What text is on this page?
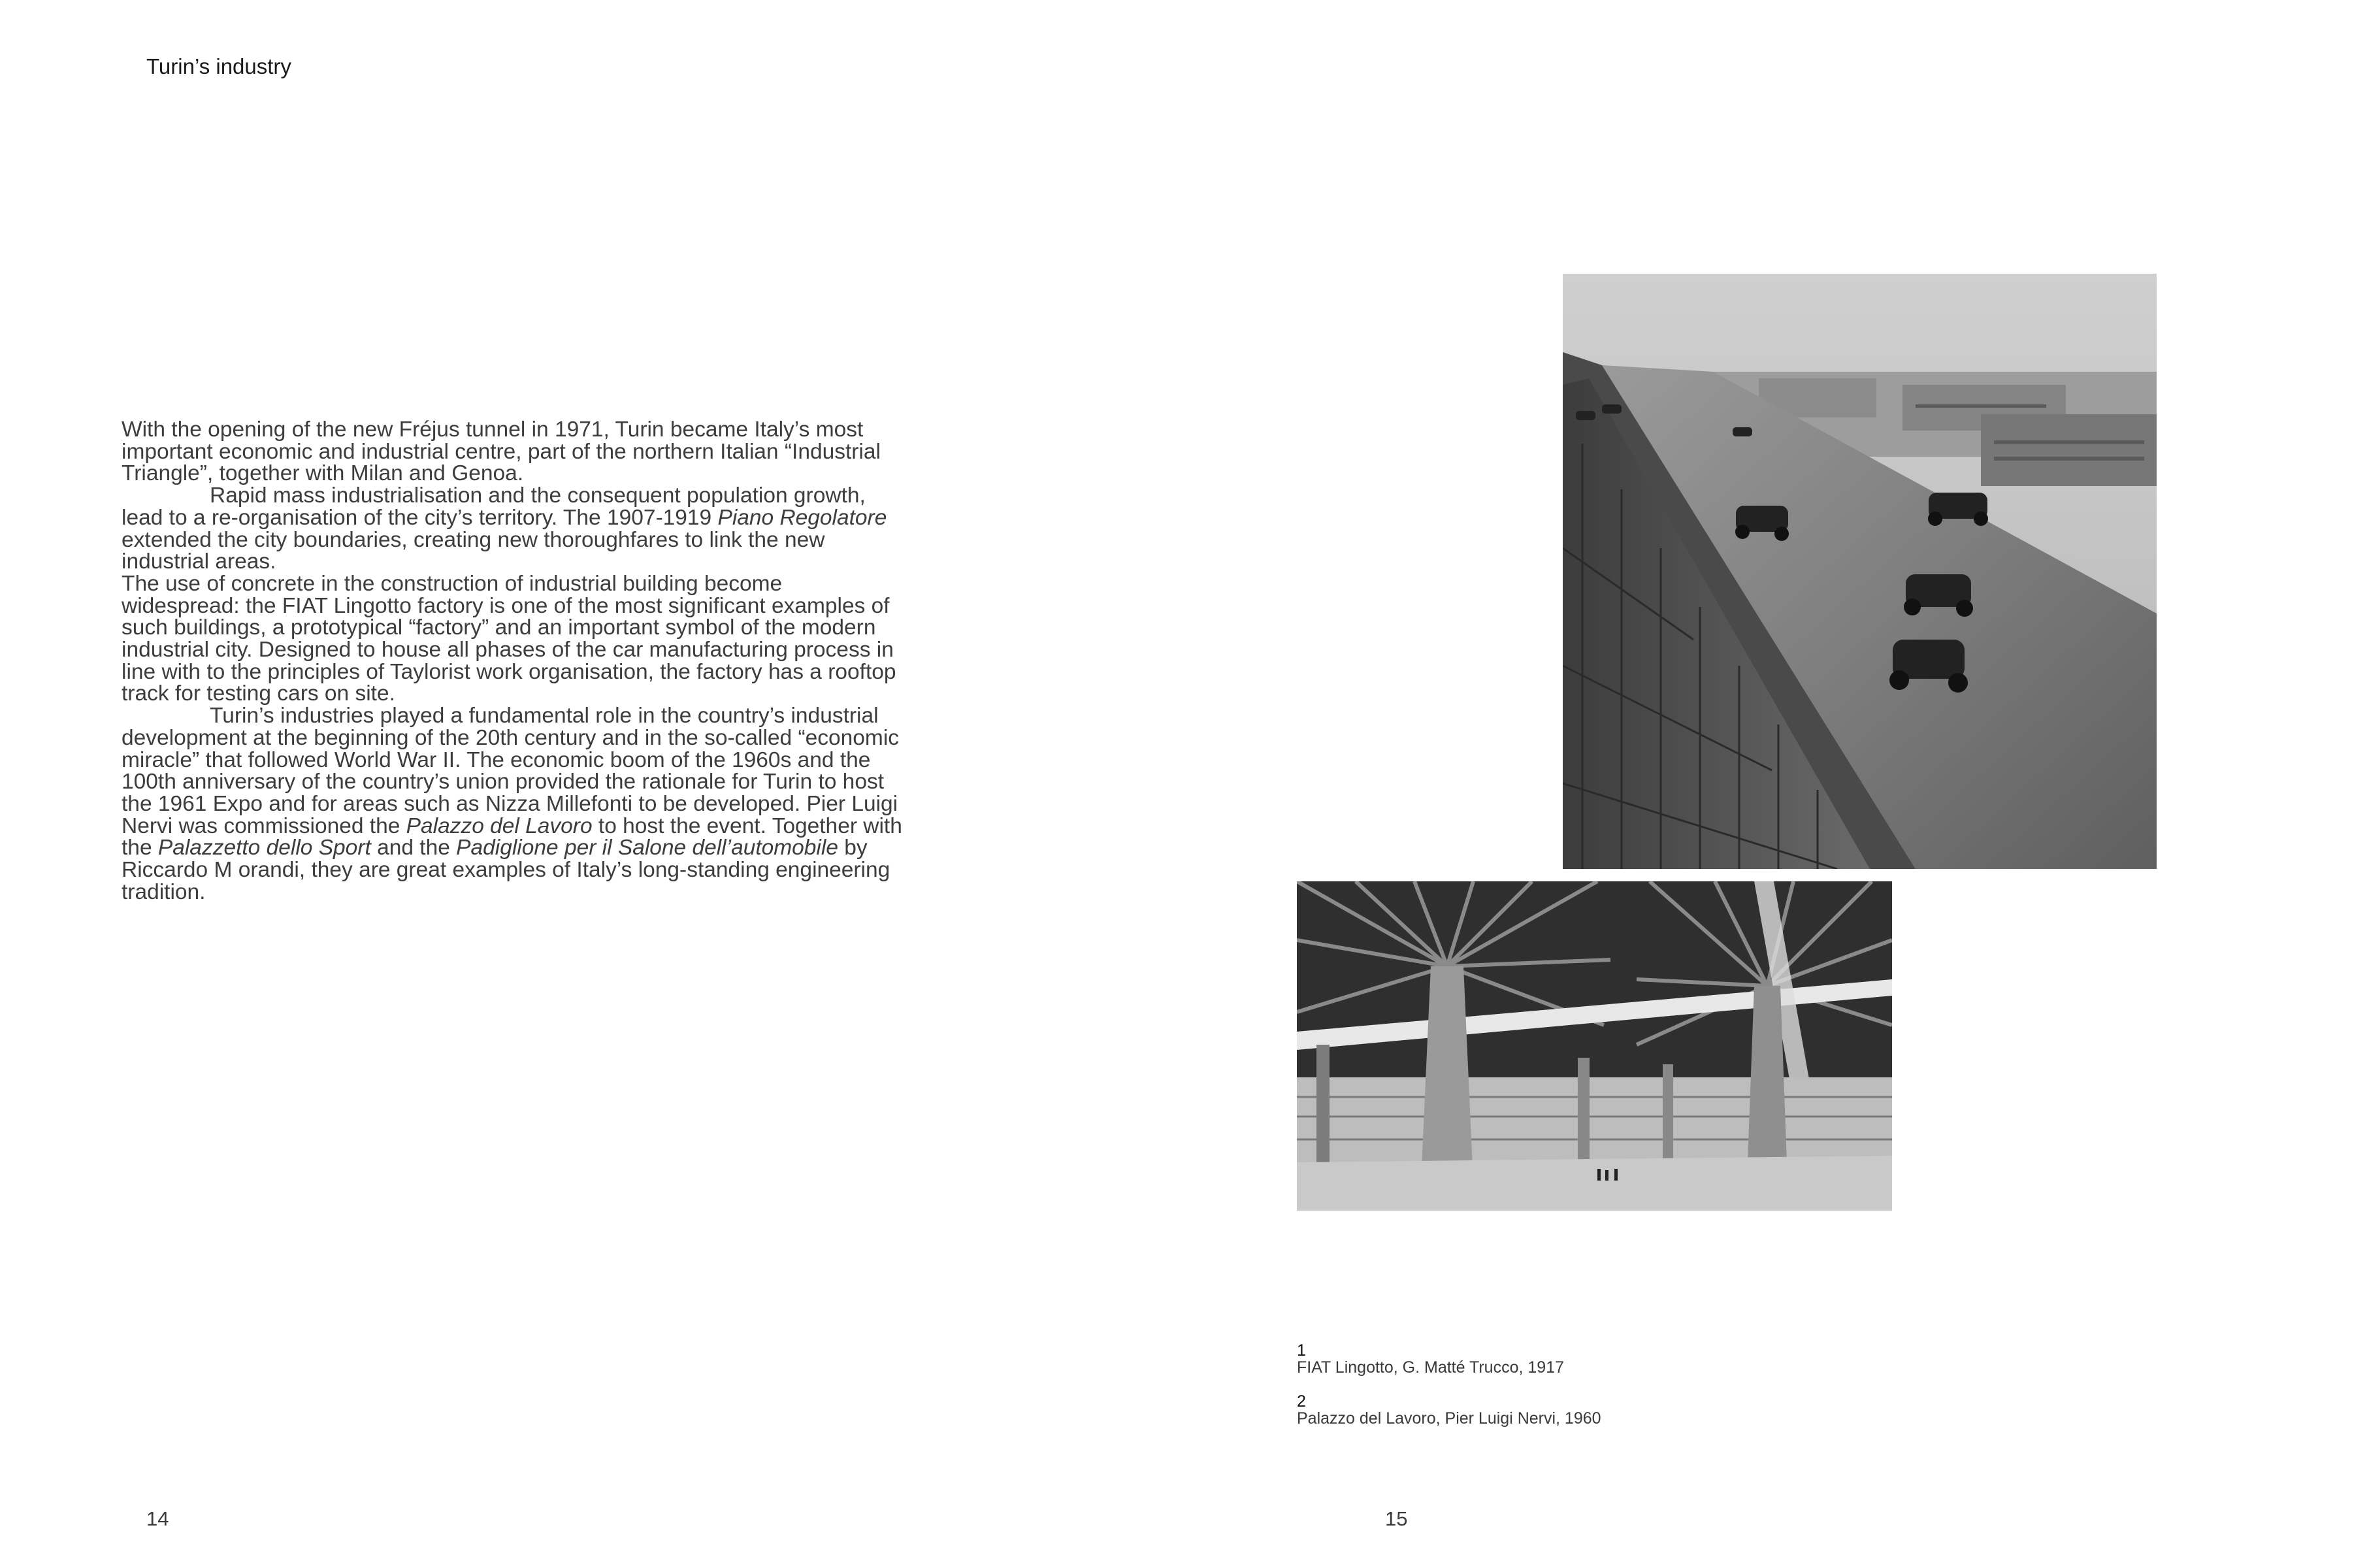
Turin’s industry

With the opening of the new Fréjus tunnel in 1971, Turin became Italy’s most important economic and industrial centre, part of the northern Italian “Industrial Triangle”, together with Milan and Genoa.

Rapid mass industrialisation and the consequent population growth, lead to a re-organisation of the city’s territory. The 1907-1919 Piano Regolatore extended the city boundaries, creating new thoroughfares to link the new industrial areas.

The use of concrete in the construction of industrial building become widespread: the FIAT Lingotto factory is one of the most significant examples of such buildings, a prototypical “factory” and an important symbol of the modern industrial city. Designed to house all phases of the car manufacturing process in line with to the principles of Taylorist work organisation, the factory has a rooftop track for testing cars on site.

Turin’s industries played a fundamental role in the country’s industrial development at the beginning of the 20th century and in the so-called “economic miracle” that followed World War II. The economic boom of the 1960s and the 100th anniversary of the country’s union provided the rationale for Turin to host the 1961 Expo and for areas such as Nizza Millefonti to be developed. Pier Luigi Nervi was commissioned the Palazzo del Lavoro to host the event. Together with the Palazzetto dello Sport and the Padiglione per il Salone dell’automobile by Riccardo M orandi, they are great examples of Italy’s long-standing engineering tradition.

1
FIAT Lingotto, G. Matté Trucco, 1917
2
Palazzo del Lavoro, Pier Luigi Nervi, 1960
14	15
